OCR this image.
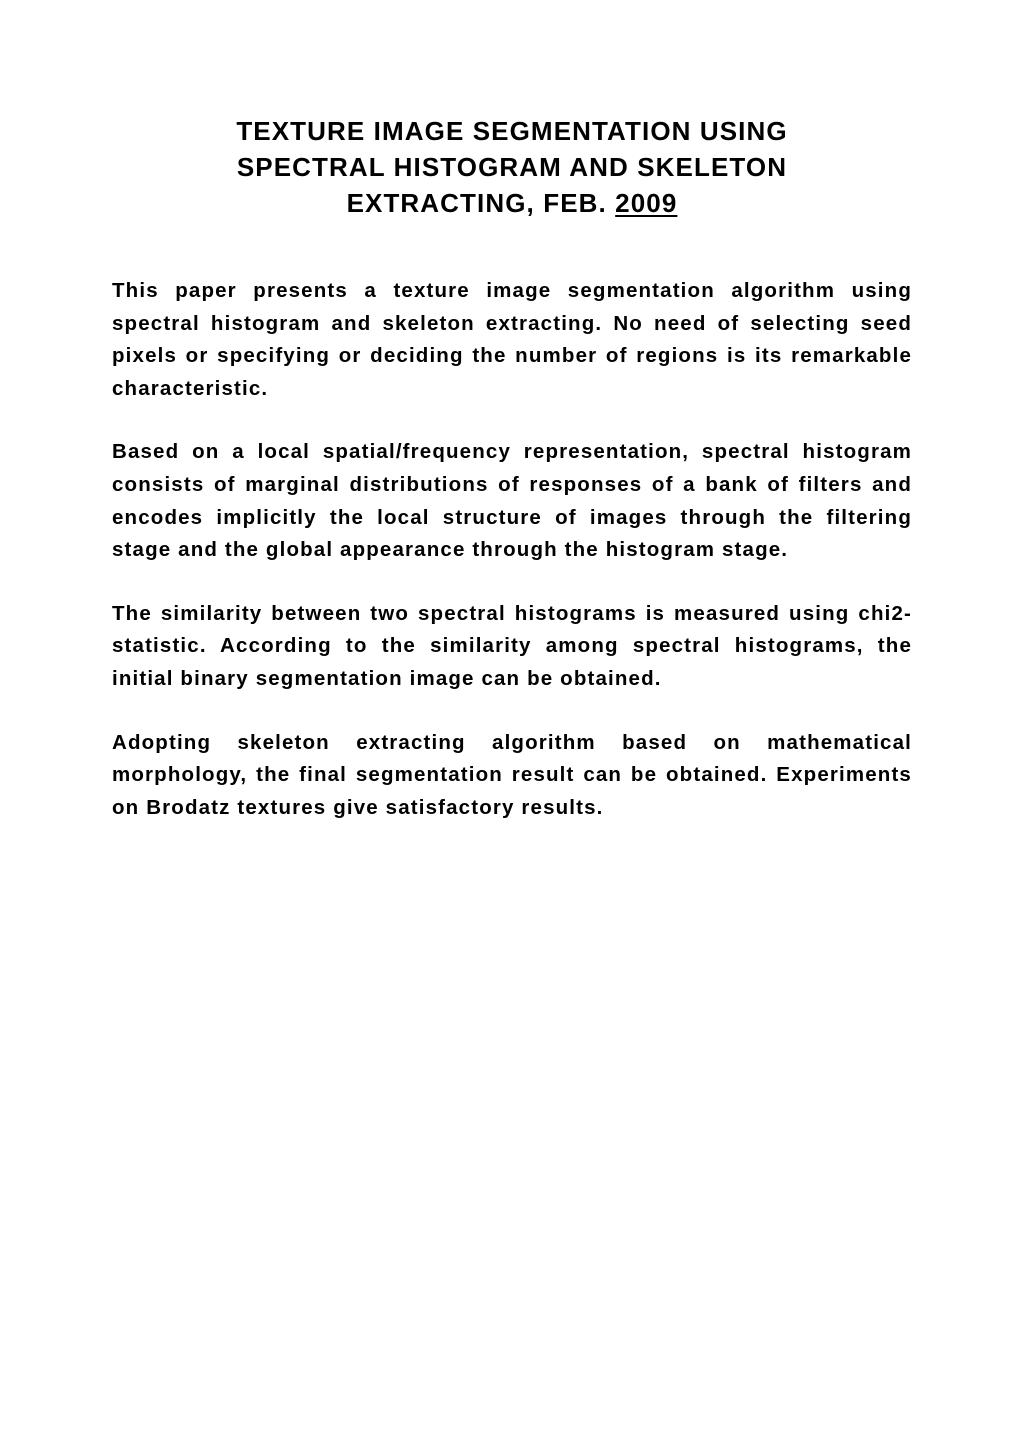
TEXTURE IMAGE SEGMENTATION USING
SPECTRAL HISTOGRAM AND SKELETON
EXTRACTING, FEB. 2009

This paper presents a texture image segmentation algorithm using spectral histogram and skeleton extracting. No need of selecting seed pixels or specifying or deciding the number of regions is its remarkable characteristic.

Based on a local spatial/frequency representation, spectral histogram consists of marginal distributions of responses of a bank of filters and encodes implicitly the local structure of images through the filtering stage and the global appearance through the histogram stage.

The similarity between two spectral histograms is measured using chi2-statistic. According to the similarity among spectral histograms, the initial binary segmentation image can be obtained.

Adopting skeleton extracting algorithm based on mathematical morphology, the final segmentation result can be obtained. Experiments on Brodatz textures give satisfactory results.
